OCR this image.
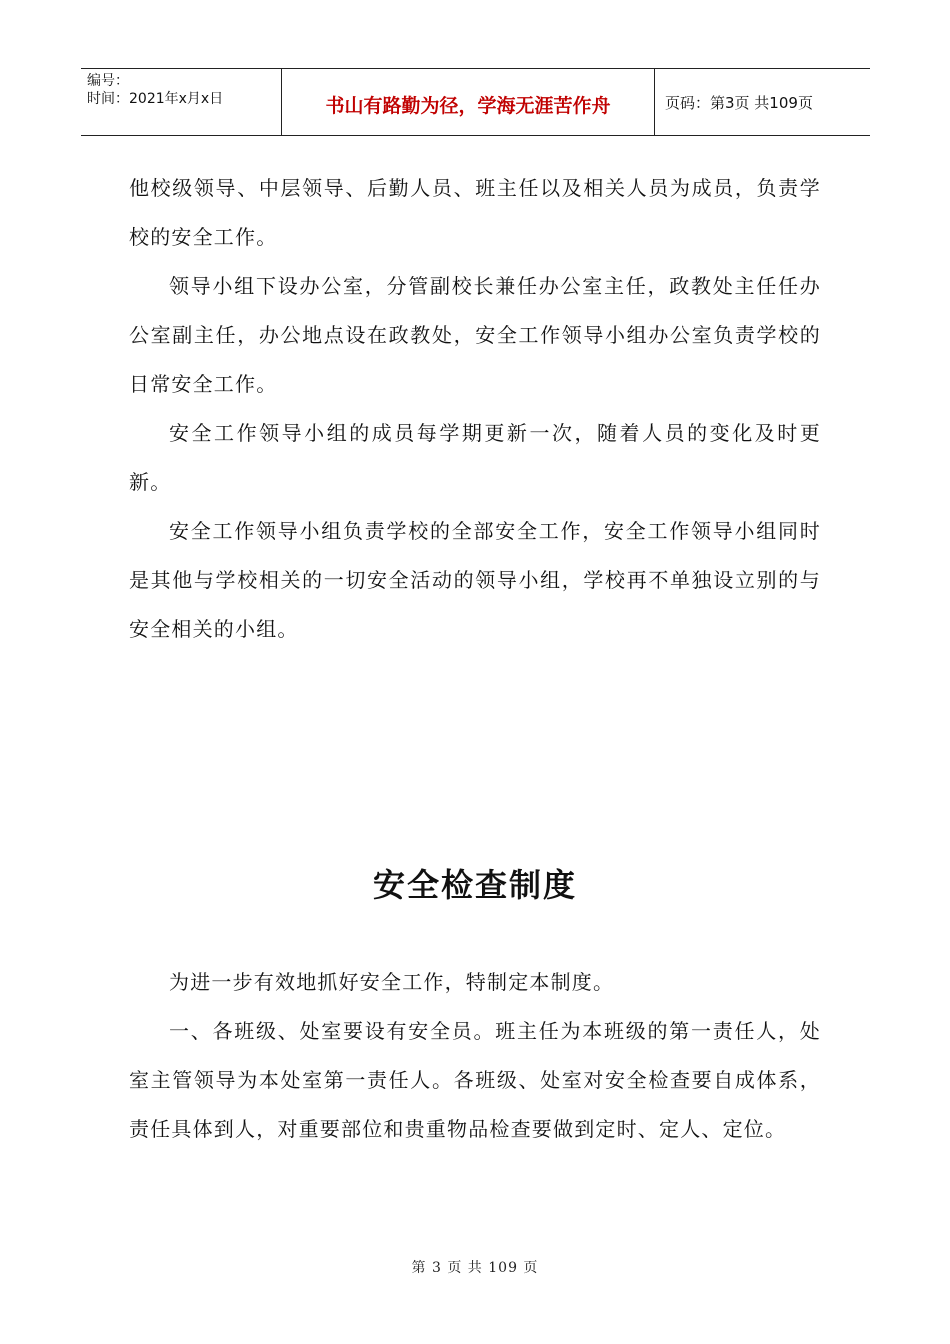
编号：
时间：2021年x月x日	书山有路勤为径，学海无涯苦作舟	页码：第3页 共109页

他校级领导、中层领导、后勤人员、班主任以及相关人员为成员，负责学校的安全工作。

领导小组下设办公室，分管副校长兼任办公室主任，政教处主任任办公室副主任，办公地点设在政教处，安全工作领导小组办公室负责学校的日常安全工作。

安全工作领导小组的成员每学期更新一次，随着人员的变化及时更新。

安全工作领导小组负责学校的全部安全工作，安全工作领导小组同时是其他与学校相关的一切安全活动的领导小组，学校再不单独设立别的与安全相关的小组。

安全检查制度

为进一步有效地抓好安全工作，特制定本制度。

一、各班级、处室要设有安全员。班主任为本班级的第一责任人，处室主管领导为本处室第一责任人。各班级、处室对安全检查要自成体系，责任具体到人，对重要部位和贵重物品检查要做到定时、定人、定位。

第 3 页 共 109 页
